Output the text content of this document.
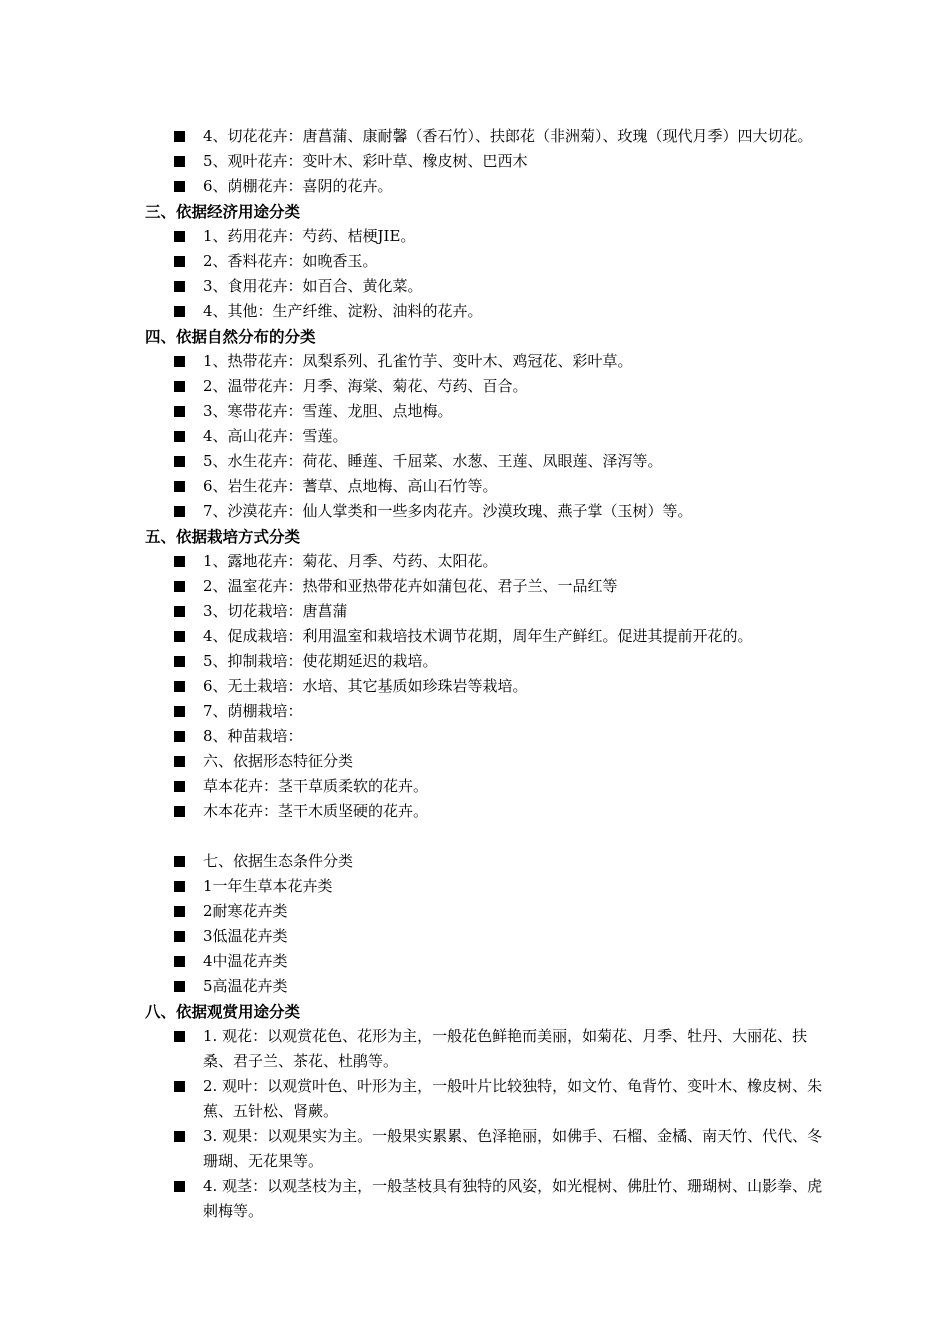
4、切花花卉：唐菖蒲、康耐馨（香石竹）、扶郎花（非洲菊）、玫瑰（现代月季）四大切花。
5、观叶花卉：变叶木、彩叶草、橡皮树、巴西木
6、荫棚花卉：喜阴的花卉。
三、依据经济用途分类
1、药用花卉：芍药、桔梗JIE。
2、香料花卉：如晚香玉。
3、食用花卉：如百合、黄化菜。
4、其他：生产纤维、淀粉、油料的花卉。
四、依据自然分布的分类
1、热带花卉：凤梨系列、孔雀竹芋、变叶木、鸡冠花、彩叶草。
2、温带花卉：月季、海棠、菊花、芍药、百合。
3、寒带花卉：雪莲、龙胆、点地梅。
4、高山花卉：雪莲。
5、水生花卉：荷花、睡莲、千屈菜、水葱、王莲、凤眼莲、泽泻等。
6、岩生花卉：蓍草、点地梅、高山石竹等。
7、沙漠花卉：仙人掌类和一些多肉花卉。沙漠玫瑰、燕子掌（玉树）等。
五、依据栽培方式分类
1、露地花卉：菊花、月季、芍药、太阳花。
2、温室花卉：热带和亚热带花卉如蒲包花、君子兰、一品红等
3、切花栽培：唐菖蒲
4、促成栽培：利用温室和栽培技术调节花期，周年生产鲜红。促进其提前开花的。
5、抑制栽培：使花期延迟的栽培。
6、无土栽培：水培、其它基质如珍珠岩等栽培。
7、荫棚栽培：
8、种苗栽培：
六、依据形态特征分类
草本花卉：茎干草质柔软的花卉。
木本花卉：茎干木质坚硬的花卉。
七、依据生态条件分类
1一年生草本花卉类
2耐寒花卉类
3低温花卉类
4中温花卉类
5高温花卉类
八、依据观赏用途分类
1. 观花：以观赏花色、花形为主，一般花色鲜艳而美丽，如菊花、月季、牡丹、大丽花、扶桑、君子兰、茶花、杜鹃等。
2. 观叶：以观赏叶色、叶形为主，一般叶片比较独特，如文竹、龟背竹、变叶木、橡皮树、朱蕉、五针松、肾蕨。
3. 观果：以观果实为主。一般果实累累、色泽艳丽，如佛手、石榴、金橘、南天竹、代代、冬珊瑚、无花果等。
4. 观茎：以观茎枝为主，一般茎枝具有独特的风姿，如光棍树、佛肚竹、珊瑚树、山影拳、虎刺梅等。
